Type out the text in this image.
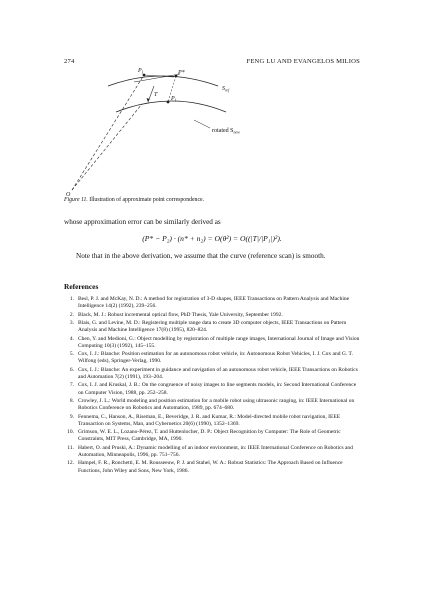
274	FENG LU AND EVANGELOS MILIOS
$P_1$	P*
$S_{ref}$
T
$P_1$
rotated $S_{new}$
O
Figure 11. Illustration of approximate point correspondence.
whose approximation error can be similarly derived as
(P* − P₂) · (n* + n₂) = O(θ²) = O((|T|/|P₁|)²).
Note that in the above derivation, we assume that the curve (reference scan) is smooth.
References
1. Besl, P. J. and McKay, N. D.: A method for registration of 3-D shapes, IEEE Transactions on Pattern Analysis and Machine Intelligence 14(2) (1992), 239–256.
2. Black, M. J.: Robust incremental optical flow, PhD Thesis, Yale University, September 1992.
3. Blais, G. and Levine, M. D.: Registering multiple range data to create 3D computer objects, IEEE Transactions on Pattern Analysis and Machine Intelligence 17(8) (1995), 820–824.
4. Chen, Y. and Medioni, G.: Object modelling by registration of multiple range images, International Journal of Image and Vision Computing 10(3) (1992), 145–155.
5. Cox, I. J.: Blanche: Position estimation for an autonomous robot vehicle, in: Autonomous Robot Vehicles, I. J. Cox and G. T. Wilfong (eds), Springer-Verlag, 1990.
6. Cox, I. J.: Blanche: An experiment in guidance and navigation of an autonomous robot vehicle, IEEE Transactions on Robotics and Automation 7(2) (1991), 193–204.
7. Cox, I. J. and Kruskal, J. B.: On the congruence of noisy images to line segments models, in: Second International Conference on Computer Vision, 1988, pp. 252–258.
8. Crowley, J. L.: World modeling and position estimation for a mobile robot using ultrasonic ranging, in: IEEE International on Robotics Conference on Robotics and Automation, 1989, pp. 674–680.
9. Fennema, C., Hanson, A., Riseman, E., Beveridge, J. R. and Kumar, R.: Model-directed mobile robot navigation, IEEE Transaction on Systems, Man, and Cybernetics 20(6) (1990), 1352–1369.
10. Grimson, W. E. L., Lozano-Pérez, T. and Huttenlocher, D. P.: Object Recognition by Computer: The Role of Geometric Constraints, MIT Press, Cambridge, MA, 1990.
11. Habert, O. and Pruski, A.: Dynamic modelling of an indoor environment, in: IEEE International Conference on Robotics and Automation, Minneapolis, 1996, pp. 751–756.
12. Hampel, F. R., Ronchetti, E. M. Rousseeuw, P. J. and Stahel, W. A.: Robust Statistics: The Approach Based on Influence Functions, John Wiley and Sons, New York, 1986.
